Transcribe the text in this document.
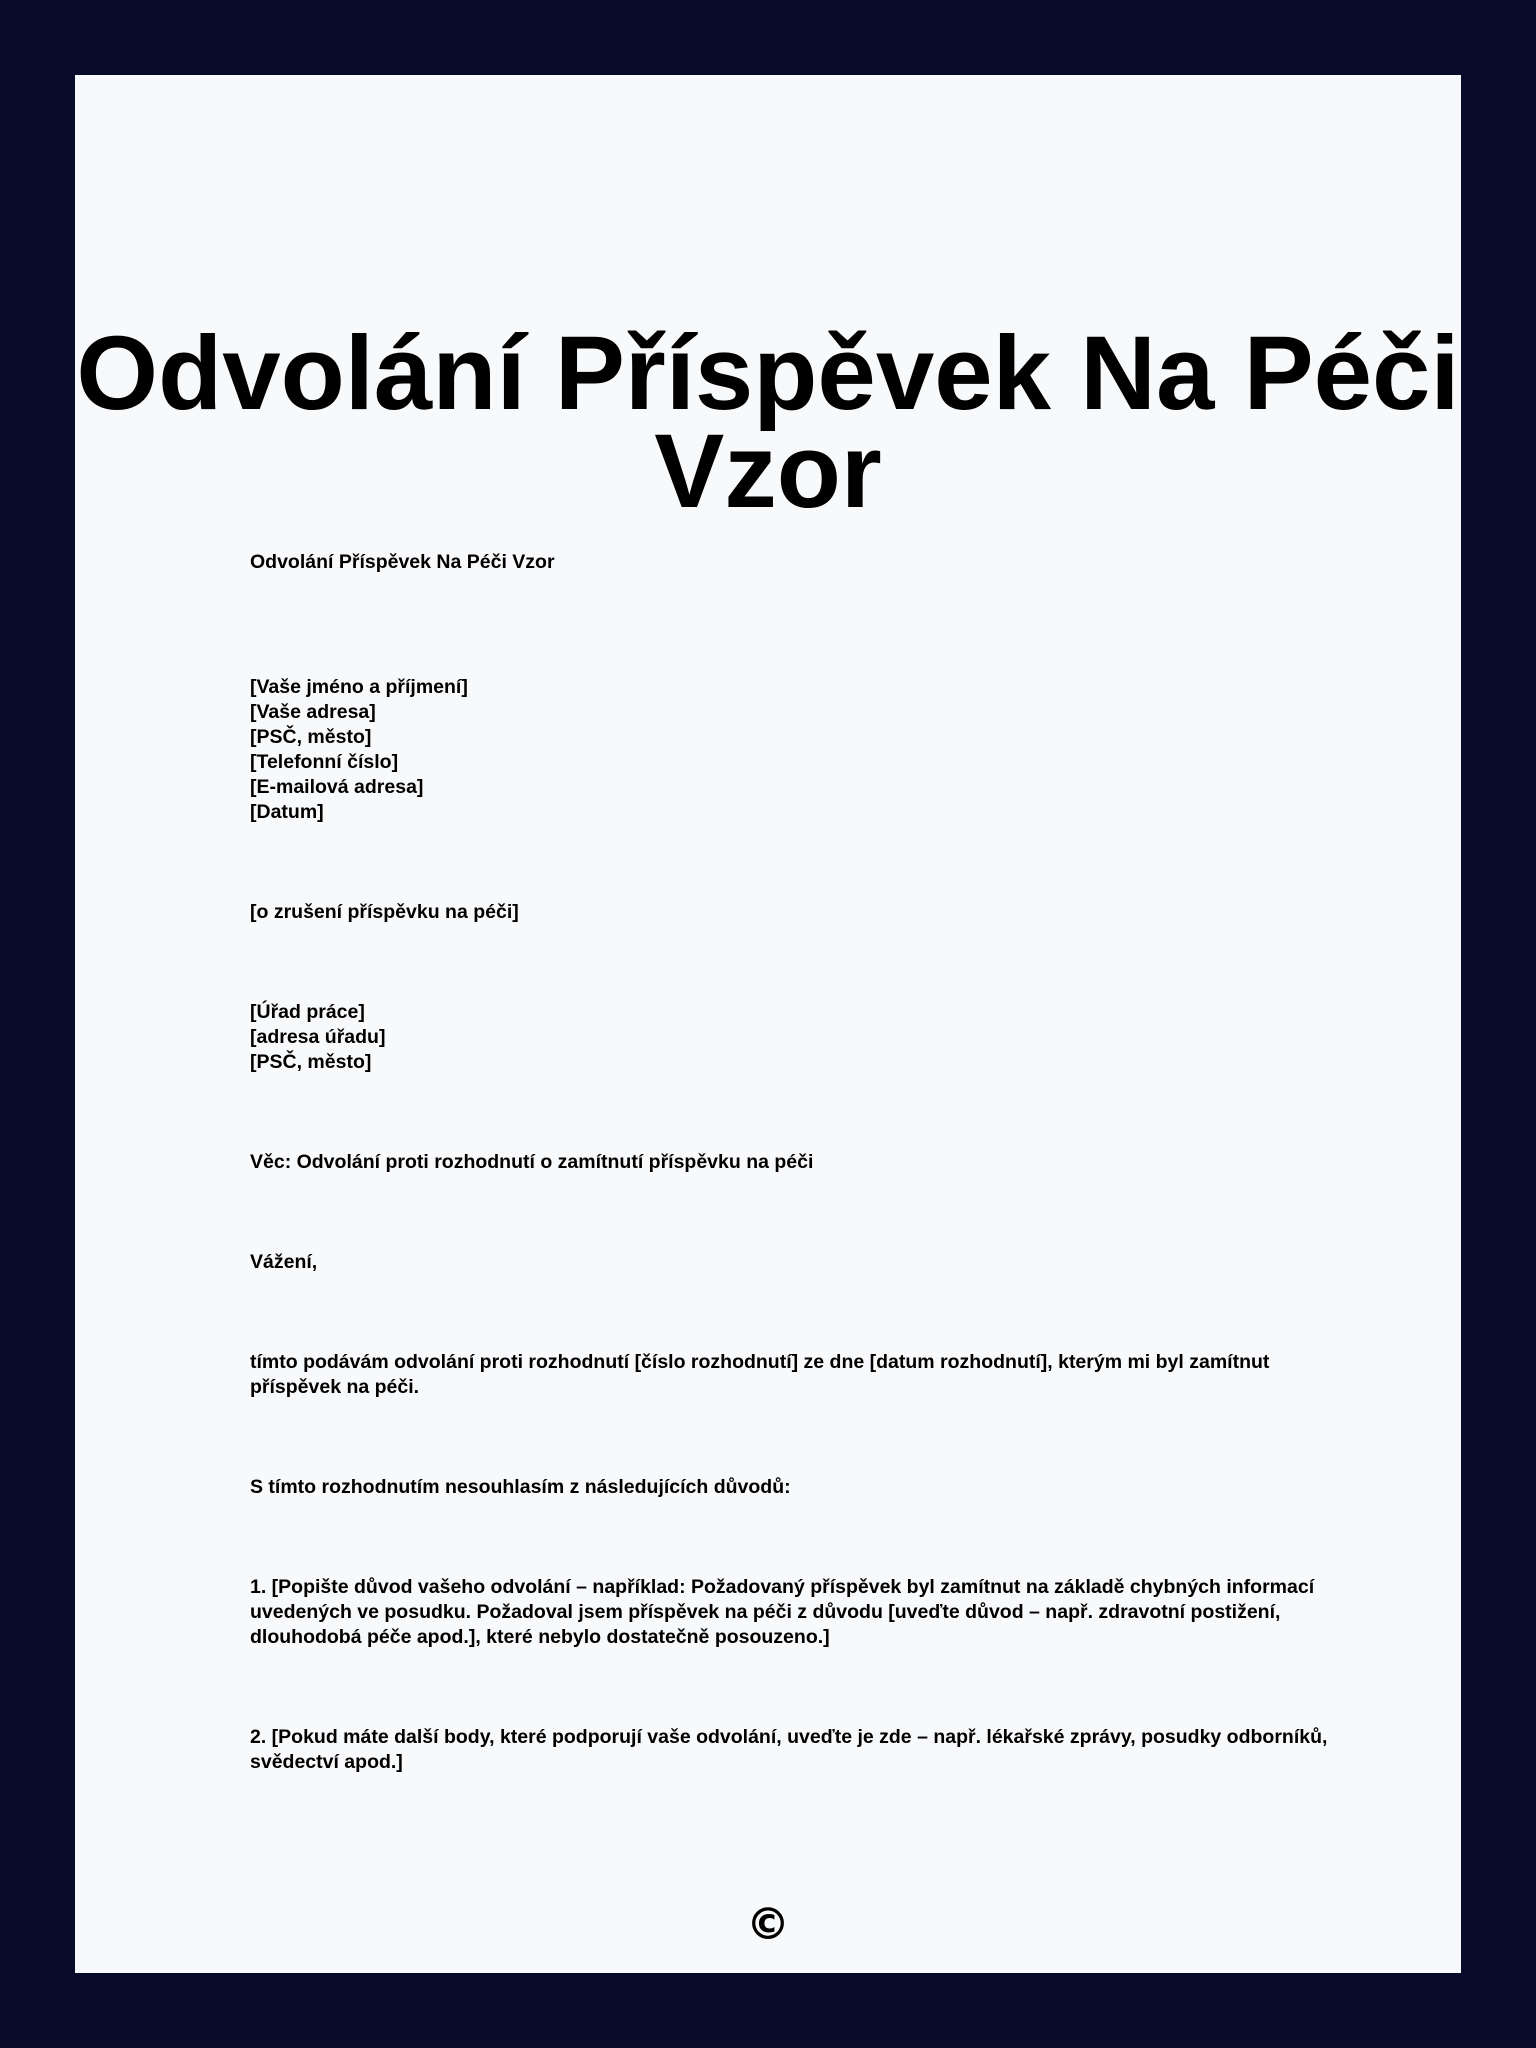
Odvolání Příspěvek Na Péči
Vzor

Odvolání Příspěvek Na Péči Vzor

[Vaše jméno a příjmení]

[Vaše adresa]

[PSČ, město]

[Telefonní číslo]

[E-mailová adresa]

[Datum]

[o zrušení příspěvku na péči]

[Úřad práce]

[adresa úřadu]

[PSČ, město]

Věc: Odvolání proti rozhodnutí o zamítnutí příspěvku na péči

Vážení,

tímto podávám odvolání proti rozhodnutí [číslo rozhodnutí] ze dne [datum rozhodnutí], kterým mi byl zamítnut příspěvek na péči.

S tímto rozhodnutím nesouhlasím z následujících důvodů:

1. [Popište důvod vašeho odvolání – například: Požadovaný příspěvek byl zamítnut na základě chybných informací uvedených ve posudku. Požadoval jsem příspěvek na péči z důvodu [uveďte důvod – např. zdravotní postižení, dlouhodobá péče apod.], které nebylo dostatečně posouzeno.]

2. [Pokud máte další body, které podporují vaše odvolání, uveďte je zde – např. lékařské zprávy, posudky odborníků, svědectví apod.]

©
